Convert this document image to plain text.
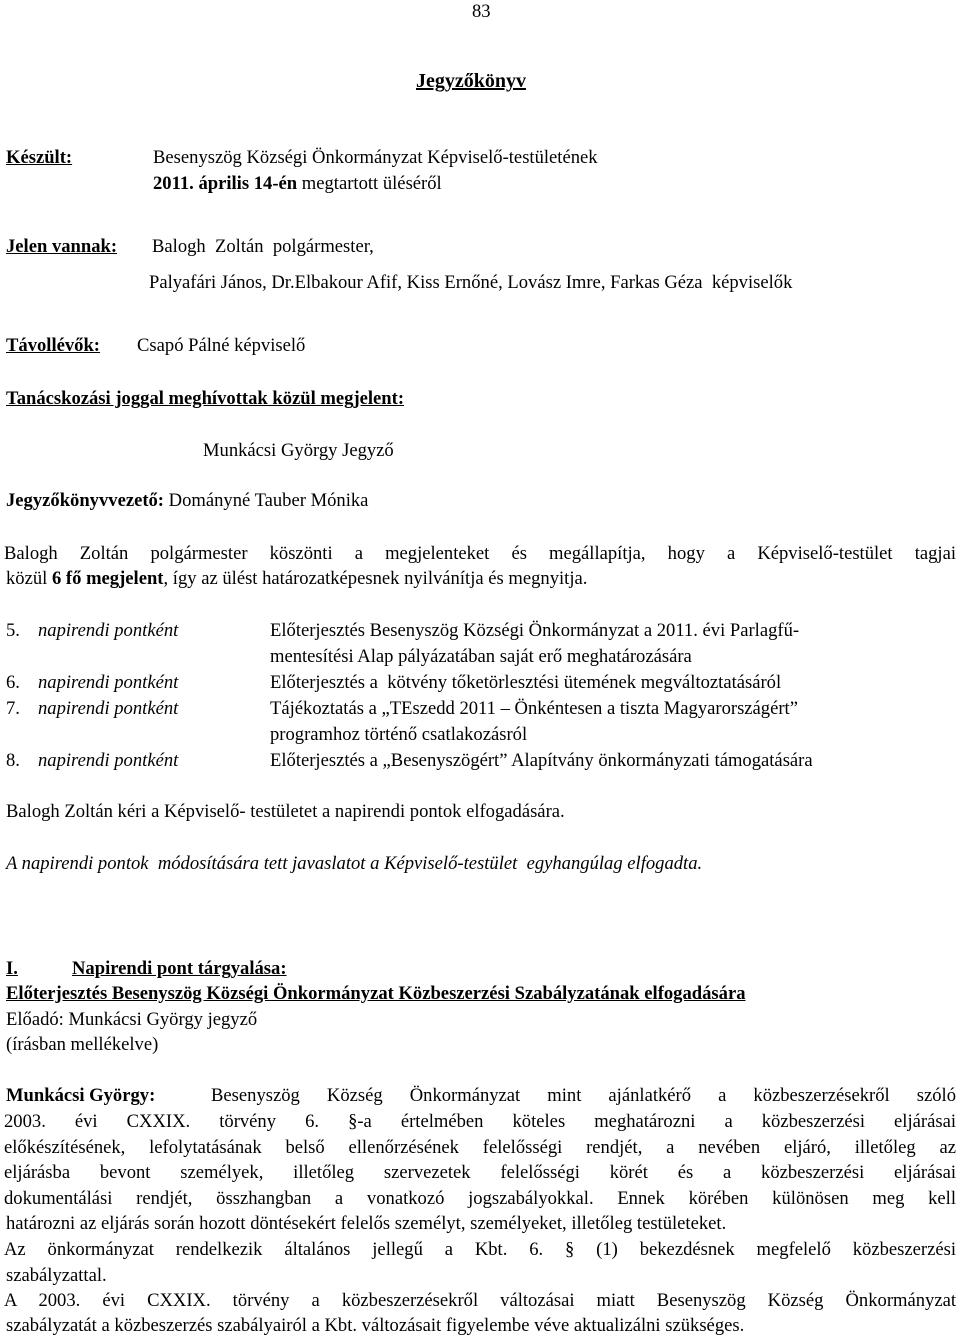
83
Jegyzőkönyv
Készült:	Besenyszög Községi Önkormányzat Képviselő-testületének
2011. április 14-én megtartott üléséről
Jelen vannak: Balogh  Zoltán  polgármester,
Palyafári János, Dr.Elbakour Afif, Kiss Ernőné, Lovász Imre, Farkas Géza  képviselők
Távollévők: Csapó Pálné képviselő
Tanácskozási joggal meghívottak közül megjelent:
Munkácsi György Jegyző
Jegyzőkönyvvezető: Dományné Tauber Mónika
Balogh Zoltán polgármester köszönti a megjelenteket és megállapítja, hogy a Képviselő-testület tagjai
közül 6 fő megjelent, így az ülést határozatképesnek nyilvánítja és megnyitja.
5. napirendi pontként	Előterjesztés Besenyszög Községi Önkormányzat a 2011. évi Parlagfű-
mentesítési Alap pályázatában saját erő meghatározására
6. napirendi pontként	Előterjesztés a  kötvény tőketörlesztési ütemének megváltoztatásáról
7. napirendi pontként	Tájékoztatás a „TEszedd 2011 – Önkéntesen a tiszta Magyarországért”
programhoz történő csatlakozásról
8. napirendi pontként	Előterjesztés a „Besenyszögért” Alapítvány önkormányzati támogatására
Balogh Zoltán kéri a Képviselő- testületet a napirendi pontok elfogadására.
A napirendi pontok  módosítására tett javaslatot a Képviselő-testület  egyhangúlag elfogadta.
I.	Napirendi pont tárgyalása:
Előterjesztés Besenyszög Községi Önkormányzat Közbeszerzési Szabályzatának elfogadására
Előadó: Munkácsi György jegyző
(írásban mellékelve)
Munkácsi György:	Besenyszög Község Önkormányzat mint ajánlatkérő a közbeszerzésekről szóló
2003. évi CXXIX. törvény 6. §-a értelmében köteles meghatározni a közbeszerzési eljárásai
előkészítésének, lefolytatásának belső ellenőrzésének felelősségi rendjét, a nevében eljáró, illetőleg az
eljárásba bevont személyek, illetőleg szervezetek felelősségi körét és a közbeszerzési eljárásai
dokumentálási rendjét, összhangban a vonatkozó jogszabályokkal. Ennek körében különösen meg kell
határozni az eljárás során hozott döntésekért felelős személyt, személyeket, illetőleg testületeket.
Az önkormányzat rendelkezik általános jellegű a Kbt. 6. § (1) bekezdésnek megfelelő közbeszerzési
szabályzattal.
A 2003. évi CXXIX. törvény a közbeszerzésekről változásai miatt Besenyszög Község Önkormányzat
szabályzatát a közbeszerzés szabályairól a Kbt. változásait figyelembe véve aktualizálni szükséges.
